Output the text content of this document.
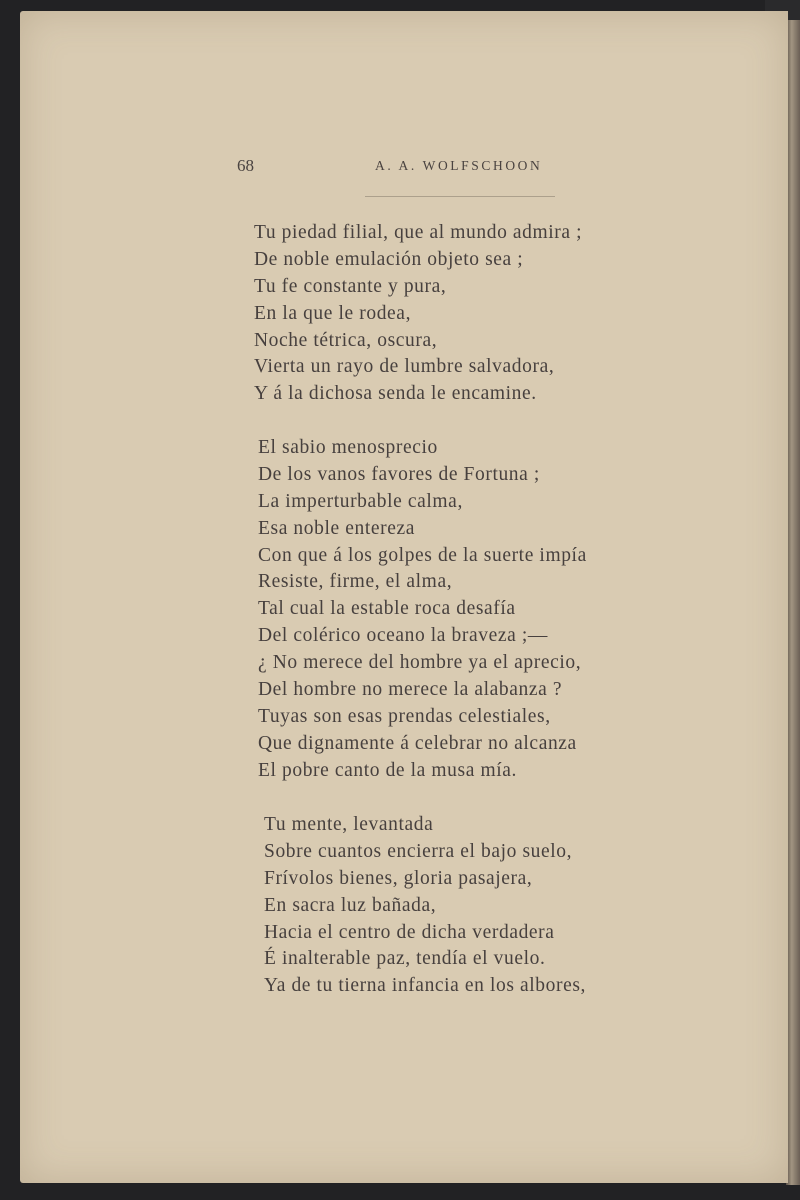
68	A. A. WOLFSCHOON
Tu piedad filial, que al mundo admira ;
De noble emulación objeto sea ;
Tu fe constante y pura,
En la que le rodea,
Noche tétrica, oscura,
Vierta un rayo de lumbre salvadora,
Y á la dichosa senda le encamine.
El sabio menosprecio
De los vanos favores de Fortuna ;
La imperturbable calma,
Esa noble entereza
Con que á los golpes de la suerte impía
Resiste, firme, el alma,
Tal cual la estable roca desafía
Del colérico oceano la braveza ;—
¿ No merece del hombre ya el aprecio,
Del hombre no merece la alabanza ?
Tuyas son esas prendas celestiales,
Que dignamente á celebrar no alcanza
El pobre canto de la musa mía.
Tu mente, levantada
Sobre cuantos encierra el bajo suelo,
Frívolos bienes, gloria pasajera,
En sacra luz bañada,
Hacia el centro de dicha verdadera
É inalterable paz, tendía el vuelo.
Ya de tu tierna infancia en los albores,
